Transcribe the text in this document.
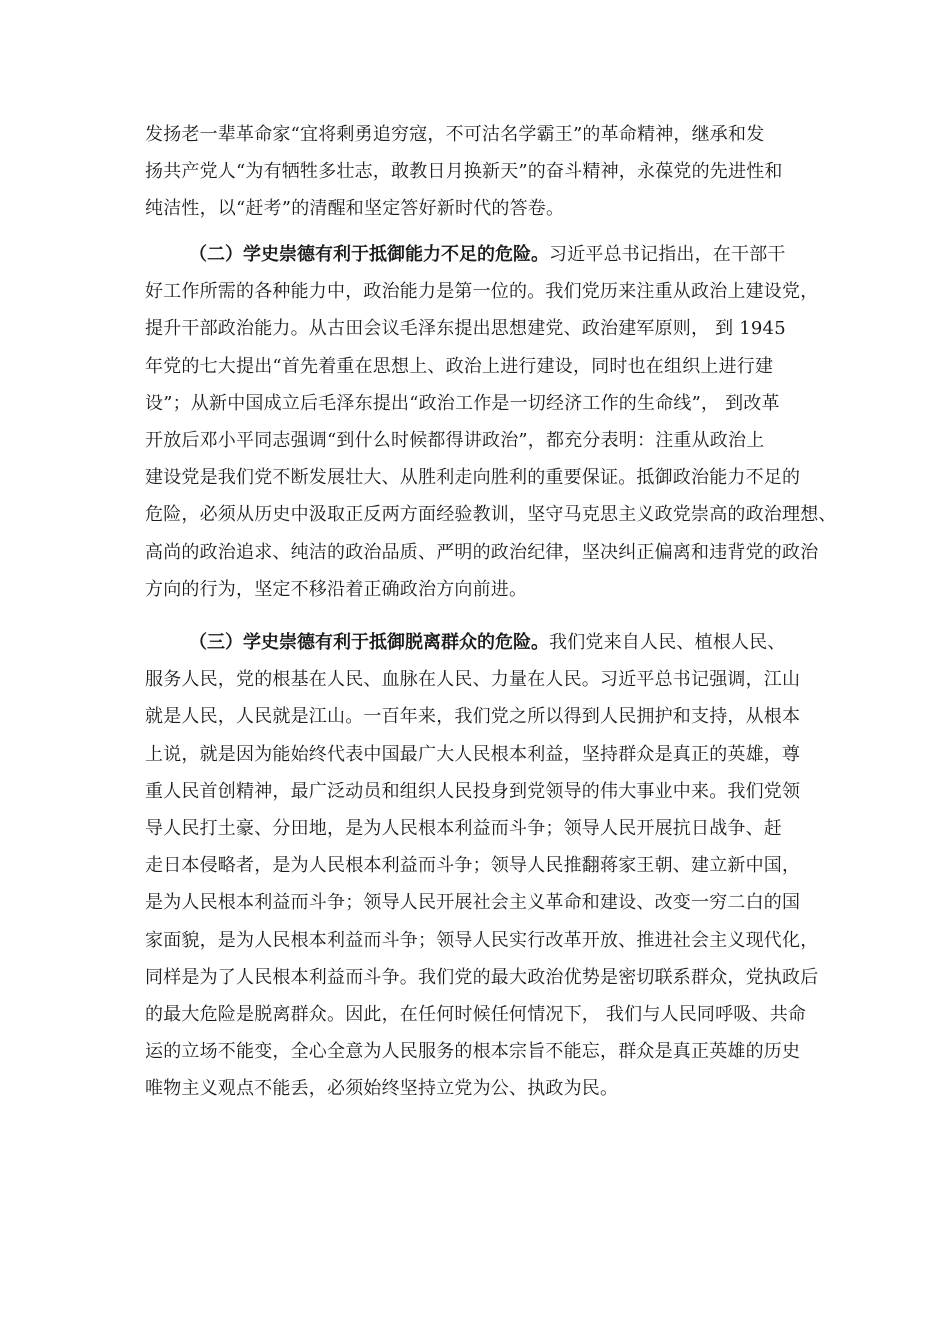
发扬老一辈革命家“宜将剩勇追穷寇，不可沽名学霸王”的革命精神，继承和发
扬共产党人“为有牺牲多壮志，敢教日月换新天”的奋斗精神，永葆党的先进性和
纯洁性，以“赶考”的清醒和坚定答好新时代的答卷。
（二）学史崇德有利于抵御能力不足的危险。习近平总书记指出，在干部干
好工作所需的各种能力中，政治能力是第一位的。我们党历来注重从政治上建设党，
提升干部政治能力。从古田会议毛泽东提出思想建党、政治建军原则， 到 1945
年党的七大提出“首先着重在思想上、政治上进行建设，同时也在组织上进行建
设”；从新中国成立后毛泽东提出“政治工作是一切经济工作的生命线”， 到改革
开放后邓小平同志强调“到什么时候都得讲政治”，都充分表明：注重从政治上
建设党是我们党不断发展壮大、从胜利走向胜利的重要保证。抵御政治能力不足的
危险，必须从历史中汲取正反两方面经验教训，坚守马克思主义政党崇高的政治理想、
高尚的政治追求、纯洁的政治品质、严明的政治纪律，坚决纠正偏离和违背党的政治
方向的行为，坚定不移沿着正确政治方向前进。
（三）学史崇德有利于抵御脱离群众的危险。我们党来自人民、植根人民、
服务人民，党的根基在人民、血脉在人民、力量在人民。习近平总书记强调，江山
就是人民，人民就是江山。一百年来，我们党之所以得到人民拥护和支持，从根本
上说，就是因为能始终代表中国最广大人民根本利益，坚持群众是真正的英雄，尊
重人民首创精神，最广泛动员和组织人民投身到党领导的伟大事业中来。我们党领
导人民打土豪、分田地，是为人民根本利益而斗争；领导人民开展抗日战争、赶
走日本侵略者，是为人民根本利益而斗争；领导人民推翻蒋家王朝、建立新中国，
是为人民根本利益而斗争；领导人民开展社会主义革命和建设、改变一穷二白的国
家面貌，是为人民根本利益而斗争；领导人民实行改革开放、推进社会主义现代化，
同样是为了人民根本利益而斗争。我们党的最大政治优势是密切联系群众，党执政后
的最大危险是脱离群众。因此，在任何时候任何情况下， 我们与人民同呼吸、共命
运的立场不能变，全心全意为人民服务的根本宗旨不能忘，群众是真正英雄的历史
唯物主义观点不能丢，必须始终坚持立党为公、执政为民。
